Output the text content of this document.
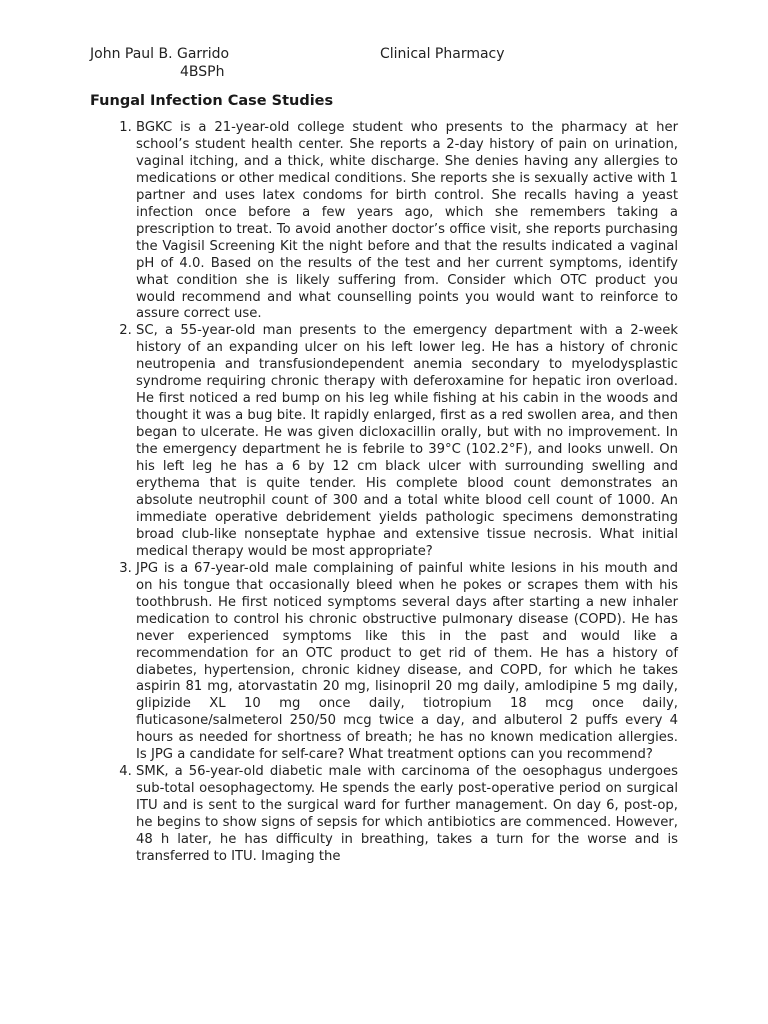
John Paul B. Garrido
4BSPh
Clinical Pharmacy
Fungal Infection Case Studies
1. BGKC is a 21-year-old college student who presents to the pharmacy at her school’s student health center. She reports a 2-day history of pain on urination, vaginal itching, and a thick, white discharge. She denies having any allergies to medications or other medical conditions. She reports she is sexually active with 1 partner and uses latex condoms for birth control. She recalls having a yeast infection once before a few years ago, which she remembers taking a prescription to treat. To avoid another doctor’s office visit, she reports purchasing the Vagisil Screening Kit the night before and that the results indicated a vaginal pH of 4.0. Based on the results of the test and her current symptoms, identify what condition she is likely suffering from. Consider which OTC product you would recommend and what counselling points you would want to reinforce to assure correct use.
2. SC, a 55-year-old man presents to the emergency department with a 2-week history of an expanding ulcer on his left lower leg. He has a history of chronic neutropenia and transfusiondependent anemia secondary to myelodysplastic syndrome requiring chronic therapy with deferoxamine for hepatic iron overload. He first noticed a red bump on his leg while fishing at his cabin in the woods and thought it was a bug bite. It rapidly enlarged, first as a red swollen area, and then began to ulcerate. He was given dicloxacillin orally, but with no improvement. In the emergency department he is febrile to 39°C (102.2°F), and looks unwell. On his left leg he has a 6 by 12 cm black ulcer with surrounding swelling and erythema that is quite tender. His complete blood count demonstrates an absolute neutrophil count of 300 and a total white blood cell count of 1000. An immediate operative debridement yields pathologic specimens demonstrating broad club-like nonseptate hyphae and extensive tissue necrosis. What initial medical therapy would be most appropriate?
3. JPG is a 67-year-old male complaining of painful white lesions in his mouth and on his tongue that occasionally bleed when he pokes or scrapes them with his toothbrush. He first noticed symptoms several days after starting a new inhaler medication to control his chronic obstructive pulmonary disease (COPD). He has never experienced symptoms like this in the past and would like a recommendation for an OTC product to get rid of them. He has a history of diabetes, hypertension, chronic kidney disease, and COPD, for which he takes aspirin 81 mg, atorvastatin 20 mg, lisinopril 20 mg daily, amlodipine 5 mg daily, glipizide XL 10 mg once daily, tiotropium 18 mcg once daily, fluticasone/salmeterol 250/50 mcg twice a day, and albuterol 2 puffs every 4 hours as needed for shortness of breath; he has no known medication allergies. Is JPG a candidate for self-care? What treatment options can you recommend?
4. SMK, a 56-year-old diabetic male with carcinoma of the oesophagus undergoes sub-total oesophagectomy. He spends the early post-operative period on surgical ITU and is sent to the surgical ward for further management. On day 6, post-op, he begins to show signs of sepsis for which antibiotics are commenced. However, 48 h later, he has difficulty in breathing, takes a turn for the worse and is transferred to ITU. Imaging the
